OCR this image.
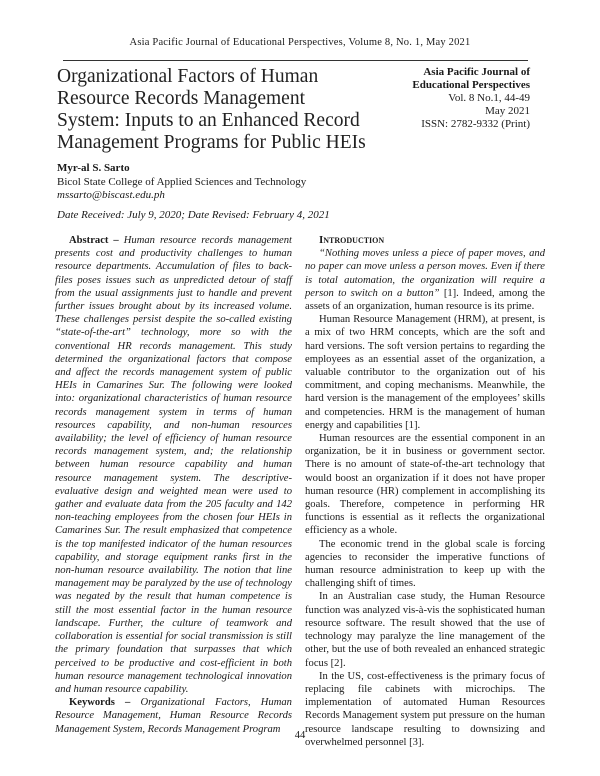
Asia Pacific Journal of Educational Perspectives, Volume 8, No. 1, May 2021
Organizational Factors of Human Resource Records Management System: Inputs to an Enhanced Record Management Programs for Public HEIs
Asia Pacific Journal of
Educational Perspectives
Vol. 8 No.1, 44-49
May 2021
ISSN: 2782-9332 (Print)
Myr-al S. Sarto
Bicol State College of Applied Sciences and Technology
mssarto@biscast.edu.ph
Date Received: July 9, 2020; Date Revised: February 4, 2021

Abstract – Human resource records management presents cost and productivity challenges to human resource departments. Accumulation of files to back-files poses issues such as unpredicted detour of staff from the usual assignments just to handle and prevent further issues brought about by its increased volume. These challenges persist despite the so-called existing “state-of-the-art” technology, more so with the conventional HR records management. This study determined the organizational factors that compose and affect the records management system of public HEIs in Camarines Sur. The following were looked into: organizational characteristics of human resource records management system in terms of human resources capability, and non-human resources availability; the level of efficiency of human resource records management system, and; the relationship between human resource capability and human resource management system. The descriptive-evaluative design and weighted mean were used to gather and evaluate data from the 205 faculty and 142 non-teaching employees from the chosen four HEIs in Camarines Sur. The result emphasized that competence is the top manifested indicator of the human resources capability, and storage equipment ranks first in the non-human resource availability. The notion that line management may be paralyzed by the use of technology was negated by the result that human competence is still the most essential factor in the human resource landscape. Further, the culture of teamwork and collaboration is essential for social transmission is still the primary foundation that surpasses that which perceived to be productive and cost-efficient in both human resource management technological innovation and human resource capability.

Keywords – Organizational Factors, Human Resource Management, Human Resource Records Management System, Records Management Program

Introduction

“Nothing moves unless a piece of paper moves, and no paper can move unless a person moves. Even if there is total automation, the organization will require a person to switch on a button” [1]. Indeed, among the assets of an organization, human resource is its prime.

Human Resource Management (HRM), at present, is a mix of two HRM concepts, which are the soft and hard versions. The soft version pertains to regarding the employees as an essential asset of the organization, a valuable contributor to the organization out of his commitment, and coping mechanisms. Meanwhile, the hard version is the management of the employees’ skills and competencies. HRM is the management of human energy and capabilities [1].

Human resources are the essential component in an organization, be it in business or government sector. There is no amount of state-of-the-art technology that would boost an organization if it does not have proper human resource (HR) complement in accomplishing its goals. Therefore, competence in performing HR functions is essential as it reflects the organizational efficiency as a whole.

The economic trend in the global scale is forcing agencies to reconsider the imperative functions of human resource administration to keep up with the challenging shift of times.

In an Australian case study, the Human Resource function was analyzed vis-à-vis the sophisticated human resource software. The result showed that the use of technology may paralyze the line management of the other, but the use of both revealed an enhanced strategic focus [2].

In the US, cost-effectiveness is the primary focus of replacing file cabinets with microchips. The implementation of automated Human Resources Records Management system put pressure on the human resource landscape resulting to downsizing and overwhelmed personnel [3].

44
